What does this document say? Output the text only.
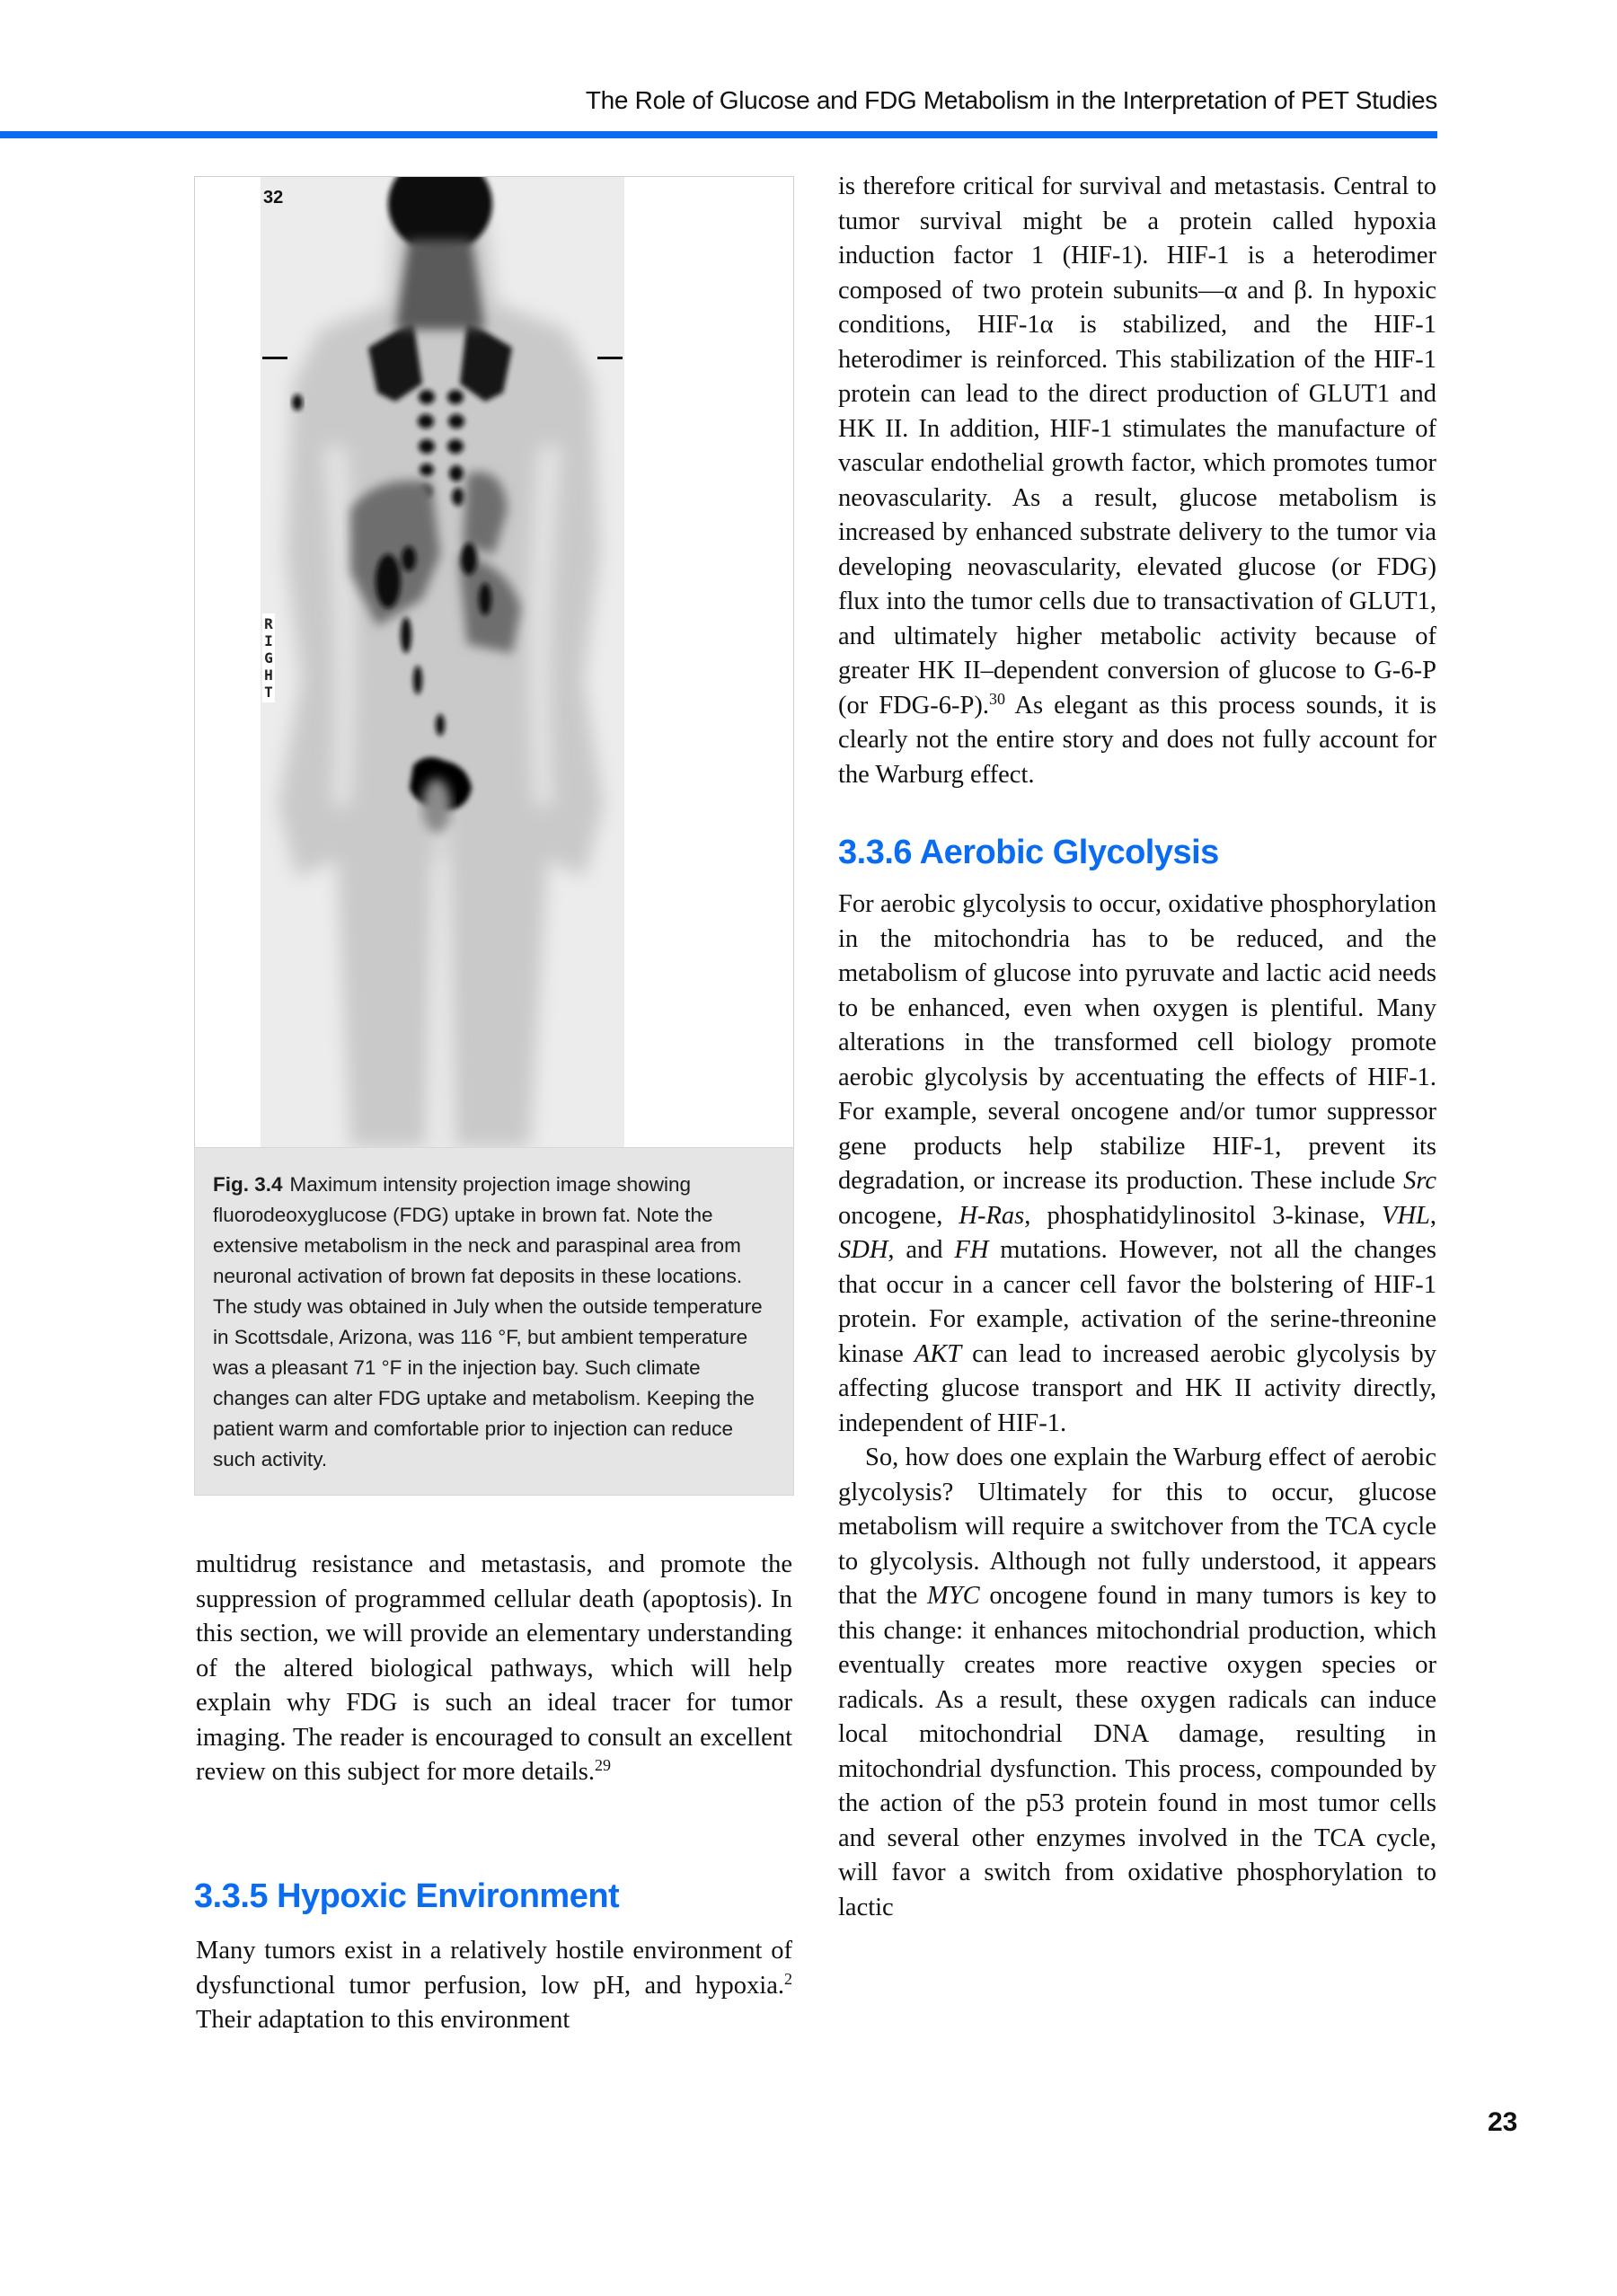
The Role of Glucose and FDG Metabolism in the Interpretation of PET Studies
32
R
I
G
H
T
Fig. 3.4 Maximum intensity projection image showing fluorodeoxyglucose (FDG) uptake in brown fat. Note the extensive metabolism in the neck and paraspinal area from neuronal activation of brown fat deposits in these locations. The study was obtained in July when the outside temperature in Scottsdale, Arizona, was 116 °F, but ambient temperature was a pleasant 71 °F in the injection bay. Such climate changes can alter FDG uptake and metabolism. Keeping the patient warm and comfortable prior to injection can reduce such activity.

multidrug resistance and metastasis, and promote the suppression of programmed cellular death (apoptosis). In this section, we will provide an elementary understanding of the altered biological pathways, which will help explain why FDG is such an ideal tracer for tumor imaging. The reader is encouraged to consult an excellent review on this subject for more details.$^{29}$

3.3.5 Hypoxic Environment

Many tumors exist in a relatively hostile environment of dysfunctional tumor perfusion, low pH, and hypoxia.$^2$ Their adaptation to this environment

is therefore critical for survival and metastasis. Central to tumor survival might be a protein called hypoxia induction factor 1 (HIF-1). HIF-1 is a heterodimer composed of two protein subunits—α and β. In hypoxic conditions, HIF-1α is stabilized, and the HIF-1 heterodimer is reinforced. This stabilization of the HIF-1 protein can lead to the direct production of GLUT1 and HK II. In addition, HIF-1 stimulates the manufacture of vascular endothelial growth factor, which promotes tumor neovascularity. As a result, glucose metabolism is increased by enhanced substrate delivery to the tumor via developing neovascularity, elevated glucose (or FDG) flux into the tumor cells due to transactivation of GLUT1, and ultimately higher metabolic activity because of greater HK II–dependent conversion of glucose to G-6-P (or FDG-6-P).$^{30}$ As elegant as this process sounds, it is clearly not the entire story and does not fully account for the Warburg effect.

3.3.6 Aerobic Glycolysis

For aerobic glycolysis to occur, oxidative phosphorylation in the mitochondria has to be reduced, and the metabolism of glucose into pyruvate and lactic acid needs to be enhanced, even when oxygen is plentiful. Many alterations in the transformed cell biology promote aerobic glycolysis by accentuating the effects of HIF-1. For example, several oncogene and/or tumor suppressor gene products help stabilize HIF-1, prevent its degradation, or increase its production. These include Src oncogene, H-Ras, phosphatidylinositol 3-kinase, VHL, SDH, and FH mutations. However, not all the changes that occur in a cancer cell favor the bolstering of HIF-1 protein. For example, activation of the serine-threonine kinase AKT can lead to increased aerobic glycolysis by affecting glucose transport and HK II activity directly, independent of HIF-1.

So, how does one explain the Warburg effect of aerobic glycolysis? Ultimately for this to occur, glucose metabolism will require a switchover from the TCA cycle to glycolysis. Although not fully understood, it appears that the MYC oncogene found in many tumors is key to this change: it enhances mitochondrial production, which eventually creates more reactive oxygen species or radicals. As a result, these oxygen radicals can induce local mitochondrial DNA damage, resulting in mitochondrial dysfunction. This process, compounded by the action of the p53 protein found in most tumor cells and several other enzymes involved in the TCA cycle, will favor a switch from oxidative phosphorylation to lactic

23
